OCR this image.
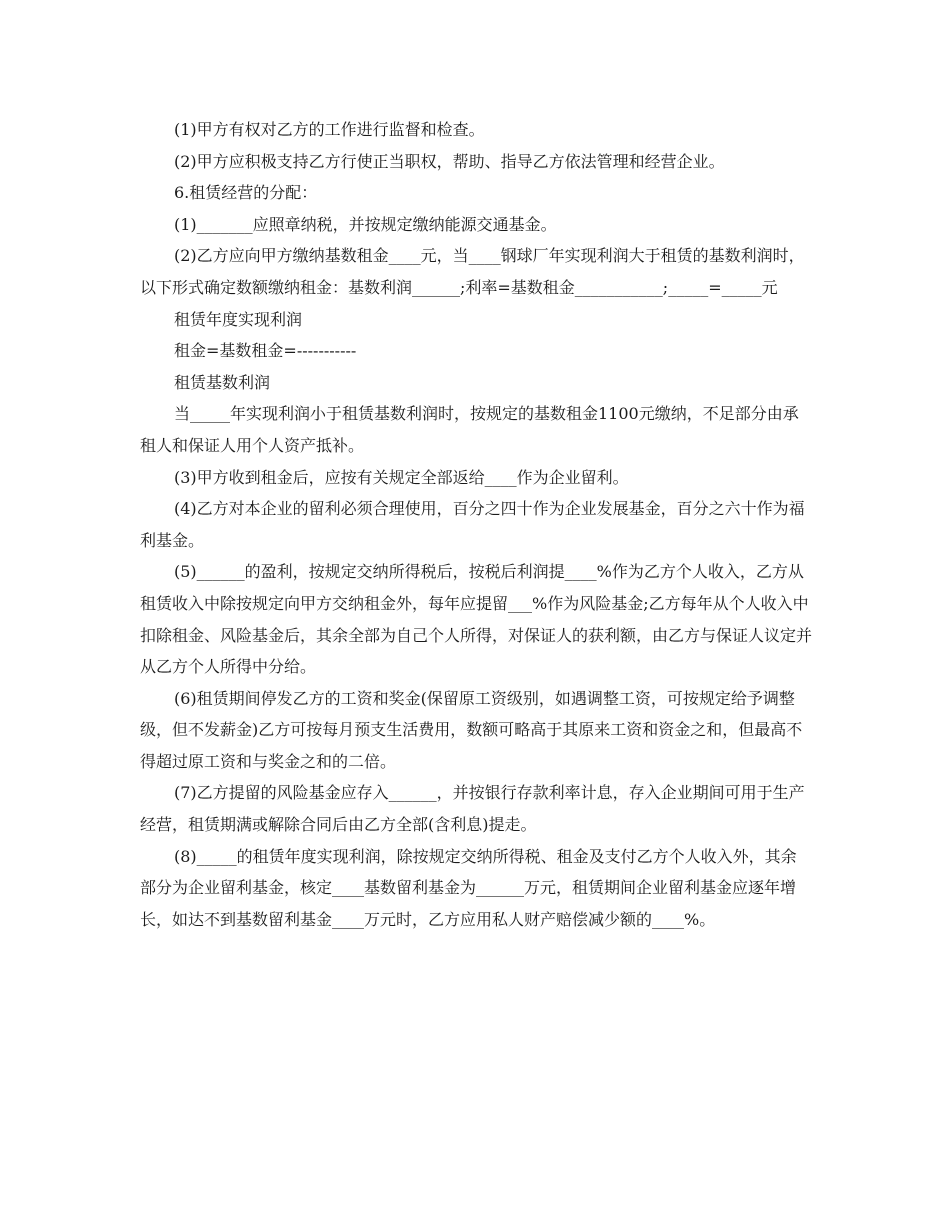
(1)甲方有权对乙方的工作进行监督和检查。

(2)甲方应积极支持乙方行使正当职权，帮助、指导乙方依法管理和经营企业。

6.租赁经营的分配：

(1)_______应照章纳税，并按规定缴纳能源交通基金。

(2)乙方应向甲方缴纳基数租金____元，当____钢球厂年实现利润大于租赁的基数利润时，以下形式确定数额缴纳租金：基数利润______;利率=基数租金___________;_____=_____元

租赁年度实现利润

租金=基数租金=-----------

租赁基数利润

当_____年实现利润小于租赁基数利润时，按规定的基数租金1100元缴纳，不足部分由承租人和保证人用个人资产抵补。

(3)甲方收到租金后，应按有关规定全部返给____作为企业留利。

(4)乙方对本企业的留利必须合理使用，百分之四十作为企业发展基金，百分之六十作为福利基金。

(5)______的盈利，按规定交纳所得税后，按税后利润提____%作为乙方个人收入，乙方从租赁收入中除按规定向甲方交纳租金外，每年应提留___%作为风险基金;乙方每年从个人收入中扣除租金、风险基金后，其余全部为自己个人所得，对保证人的获利额，由乙方与保证人议定并从乙方个人所得中分给。

(6)租赁期间停发乙方的工资和奖金(保留原工资级别，如遇调整工资，可按规定给予调整级，但不发薪金)乙方可按每月预支生活费用，数额可略高于其原来工资和资金之和，但最高不得超过原工资和与奖金之和的二倍。

(7)乙方提留的风险基金应存入______，并按银行存款利率计息，存入企业期间可用于生产经营，租赁期满或解除合同后由乙方全部(含利息)提走。

(8)_____的租赁年度实现利润，除按规定交纳所得税、租金及支付乙方个人收入外，其余部分为企业留利基金，核定____基数留利基金为______万元，租赁期间企业留利基金应逐年增长，如达不到基数留利基金____万元时，乙方应用私人财产赔偿减少额的____%。
